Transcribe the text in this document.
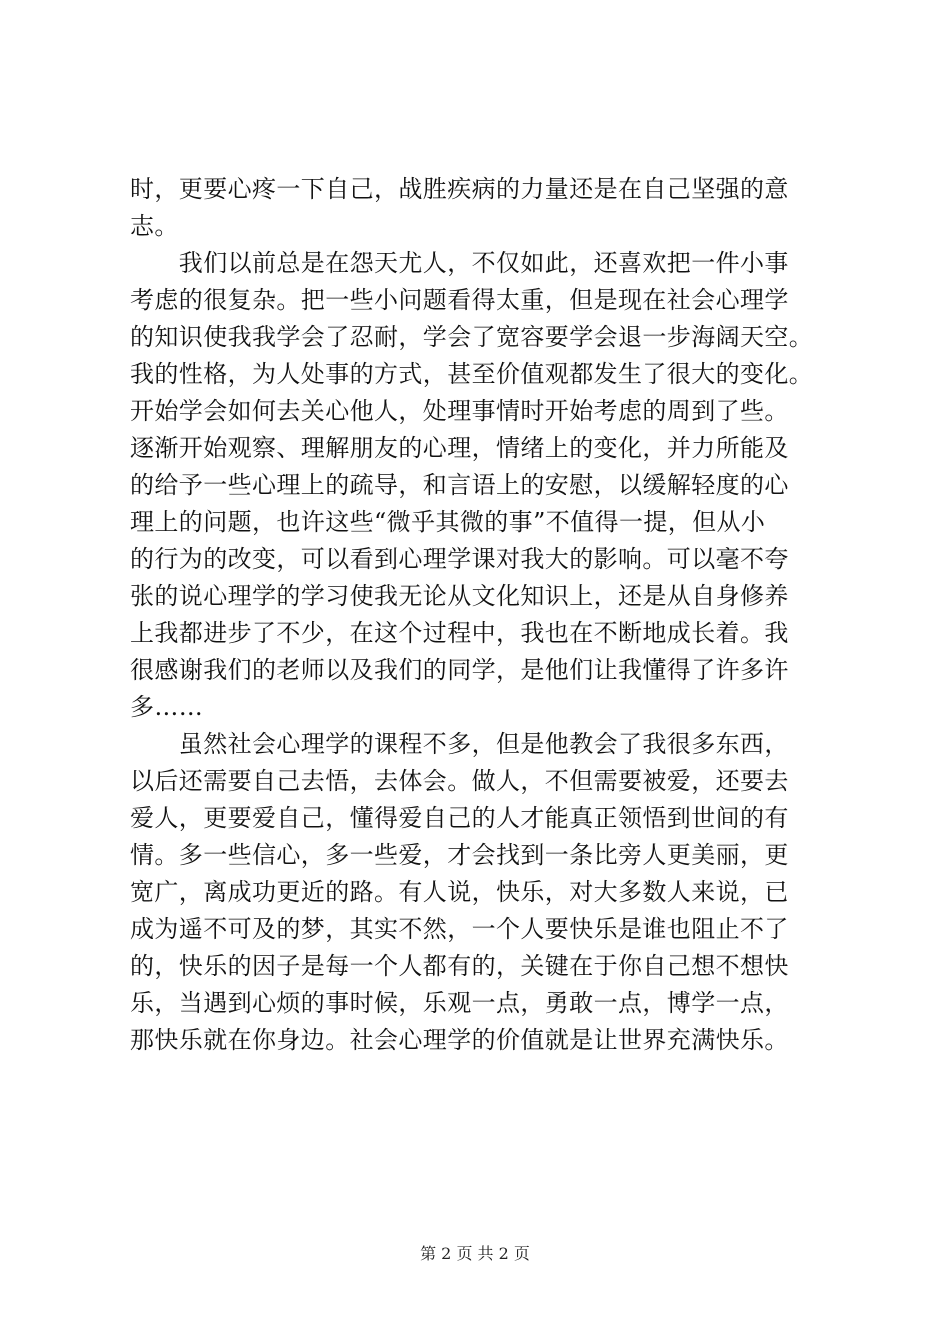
时，更要心疼一下自己，战胜疾病的力量还是在自己坚强的意
志。
　　我们以前总是在怨天尤人，不仅如此，还喜欢把一件小事
考虑的很复杂。把一些小问题看得太重，但是现在社会心理学
的知识使我我学会了忍耐，学会了宽容要学会退一步海阔天空。
我的性格，为人处事的方式，甚至价值观都发生了很大的变化。
开始学会如何去关心他人，处理事情时开始考虑的周到了些。
逐渐开始观察、理解朋友的心理，情绪上的变化，并力所能及
的给予一些心理上的疏导，和言语上的安慰，以缓解轻度的心
理上的问题，也许这些“微乎其微的事”不值得一提，但从小
的行为的改变，可以看到心理学课对我大的影响。可以毫不夸
张的说心理学的学习使我无论从文化知识上，还是从自身修养
上我都进步了不少，在这个过程中，我也在不断地成长着。我
很感谢我们的老师以及我们的同学，是他们让我懂得了许多许
多……
　　虽然社会心理学的课程不多，但是他教会了我很多东西，
以后还需要自己去悟，去体会。做人，不但需要被爱，还要去
爱人，更要爱自己，懂得爱自己的人才能真正领悟到世间的有
情。多一些信心，多一些爱，才会找到一条比旁人更美丽，更
宽广，离成功更近的路。有人说，快乐，对大多数人来说，已
成为遥不可及的梦，其实不然，一个人要快乐是谁也阻止不了
的，快乐的因子是每一个人都有的，关键在于你自己想不想快
乐，当遇到心烦的事时候，乐观一点，勇敢一点，博学一点，
那快乐就在你身边。社会心理学的价值就是让世界充满快乐。
第 2 页 共 2 页
